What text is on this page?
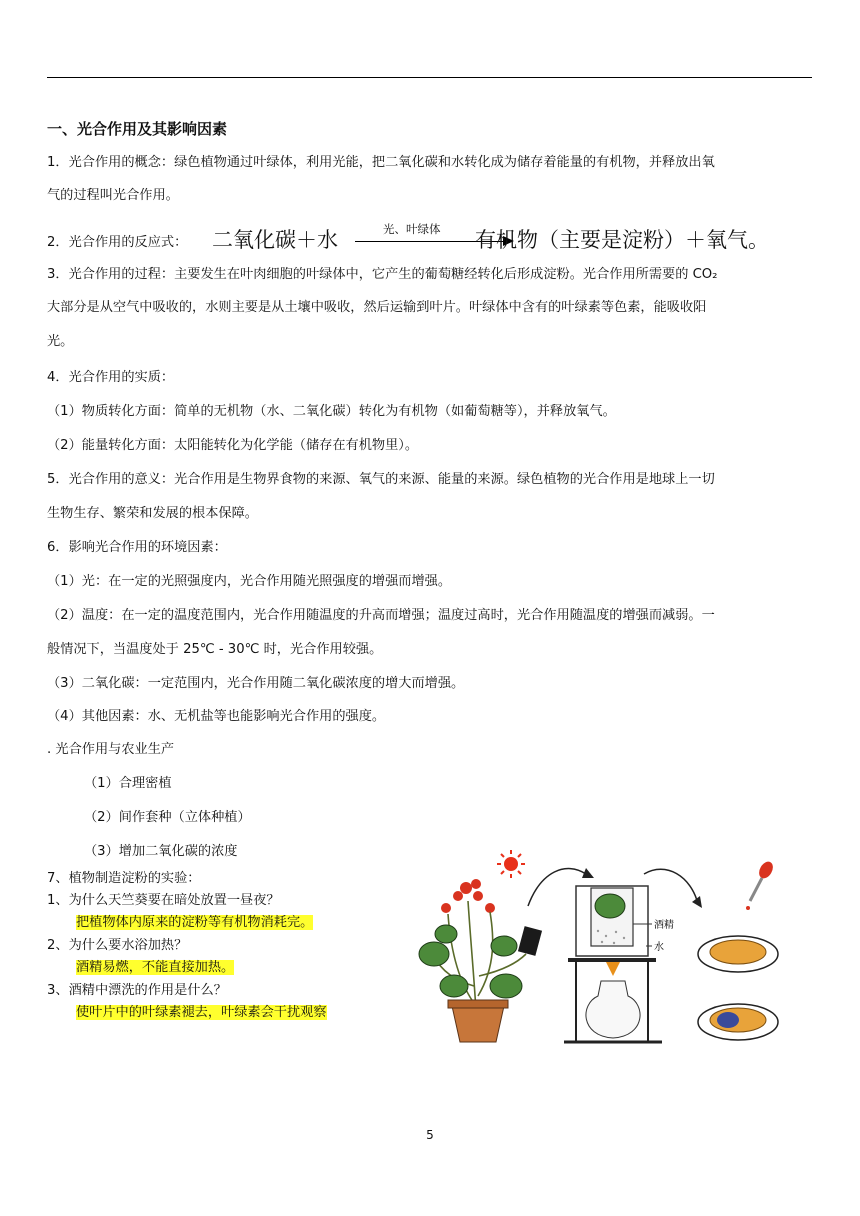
一、光合作用及其影响因素
1．光合作用的概念：绿色植物通过叶绿体，利用光能，把二氧化碳和水转化成为储存着能量的有机物，并释放出氧
气的过程叫光合作用。
2．光合作用的反应式： 二氧化碳＋水	光、叶绿体 有机物（主要是淀粉）＋氧气。
3．光合作用的过程：主要发生在叶肉细胞的叶绿体中，它产生的葡萄糖经转化后形成淀粉。光合作用所需要的 CO₂
大部分是从空气中吸收的，水则主要是从土壤中吸收，然后运输到叶片。叶绿体中含有的叶绿素等色素，能吸收阳
光。
4．光合作用的实质：
（1）物质转化方面：简单的无机物（水、二氧化碳）转化为有机物（如葡萄糖等），并释放氧气。
（2）能量转化方面：太阳能转化为化学能（储存在有机物里）。
5．光合作用的意义：光合作用是生物界食物的来源、氧气的来源、能量的来源。绿色植物的光合作用是地球上一切
生物生存、繁荣和发展的根本保障。
6．影响光合作用的环境因素：
（1）光：在一定的光照强度内，光合作用随光照强度的增强而增强。
（2）温度：在一定的温度范围内，光合作用随温度的升高而增强；温度过高时，光合作用随温度的增强而减弱。一
般情况下，当温度处于 25℃ - 30℃ 时，光合作用较强。
（3）二氧化碳：一定范围内，光合作用随二氧化碳浓度的增大而增强。
（4）其他因素：水、无机盐等也能影响光合作用的强度。
. 光合作用与农业生产
（1）合理密植
（2）间作套种（立体种植）
（3）增加二氧化碳的浓度
7、植物制造淀粉的实验：
1、为什么天竺葵要在暗处放置一昼夜？
把植物体内原来的淀粉等有机物消耗完。
2、为什么要水浴加热？
酒精易燃，不能直接加热。
3、酒精中漂洗的作用是什么？
使叶片中的叶绿素褪去，叶绿素会干扰观察
酒精
水
5
